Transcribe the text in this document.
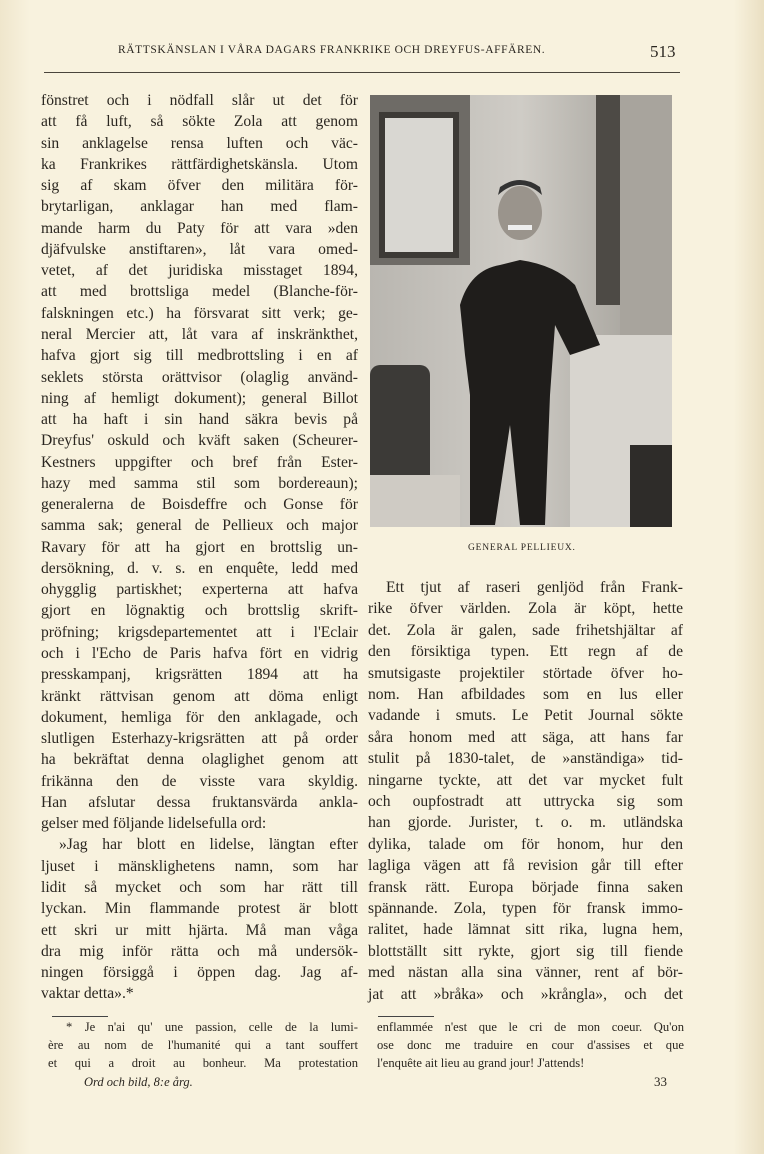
RÄTTSKÄNSLAN I VÅRA DAGARS FRANKRIKE OCH DREYFUS-AFFÄREN.	513
fönstret och i nödfall slår ut det för
att få luft, så sökte Zola att genom
sin anklagelse rensa luften och väc-
ka Frankrikes rättfärdighetskänsla. Utom
sig af skam öfver den militära för-
brytarligan, anklagar han med flam-
mande harm du Paty för att vara »den
djäfvulske anstiftaren», låt vara omed-
vetet, af det juridiska misstaget 1894,
att med brottsliga medel (Blanche-för-
falskningen etc.) ha försvarat sitt verk; ge-
neral Mercier att, låt vara af inskränkthet,
hafva gjort sig till medbrottsling i en af
seklets största orättvisor (olaglig använd-
ning af hemligt dokument); general Billot
att ha haft i sin hand säkra bevis på
Dreyfus' oskuld och kväft saken (Scheurer-
Kestners uppgifter och bref från Ester-
hazy med samma stil som bordereaun);
generalerna de Boisdeffre och Gonse för
samma sak; general de Pellieux och major
Ravary för att ha gjort en brottslig un-
dersökning, d. v. s. en enquête, ledd med
ohygglig partiskhet; experterna att hafva
gjort en lögnaktig och brottslig skrift-
pröfning; krigsdepartementet att i l'Eclair
och i l'Echo de Paris hafva fört en vidrig
presskampanj, krigsrätten 1894 att ha
kränkt rättvisan genom att döma enligt
dokument, hemliga för den anklagade, och
slutligen Esterhazy-krigsrätten att på order
ha bekräftat denna olaglighet genom att
frikänna den de visste vara skyldig.
Han afslutar dessa fruktansvärda ankla-
gelser med följande lidelsefulla ord:
»Jag har blott en lidelse, längtan efter
ljuset i mänsklighetens namn, som har
lidit så mycket och som har rätt till
lyckan. Min flammande protest är blott
ett skri ur mitt hjärta. Må man våga
dra mig inför rätta och må undersök-
ningen försiggå i öppen dag. Jag af-
vaktar detta».*
Ett tjut af raseri genljöd från Frank-
rike öfver världen. Zola är köpt, hette
det. Zola är galen, sade frihetshjältar af
den försiktiga typen. Ett regn af de
smutsigaste projektiler störtade öfver ho-
nom. Han afbildades som en lus eller
vadande i smuts. Le Petit Journal sökte
såra honom med att säga, att hans far
stulit på 1830-talet, de »anständiga» tid-
ningarne tyckte, att det var mycket fult
och oupfostradt att uttrycka sig som
han gjorde. Jurister, t. o. m. utländska
dylika, talade om för honom, hur den
lagliga vägen att få revision går till efter
fransk rätt. Europa började finna saken
spännande. Zola, typen för fransk immo-
ralitet, hade lämnat sitt rika, lugna hem,
blottställt sitt rykte, gjort sig till fiende
med nästan alla sina vänner, rent af bör-
jat att »bråka» och »krångla», och det
GENERAL PELLIEUX.
* Je n'ai qu' une passion, celle de la lumi-
ère au nom de l'humanité qui a tant souffert
et qui a droit au bonheur. Ma protestation
enflammée n'est que le cri de mon coeur. Qu'on
ose donc me traduire en cour d'assises et que
l'enquête ait lieu au grand jour! J'attends!
Ord och bild, 8:e årg.	33
